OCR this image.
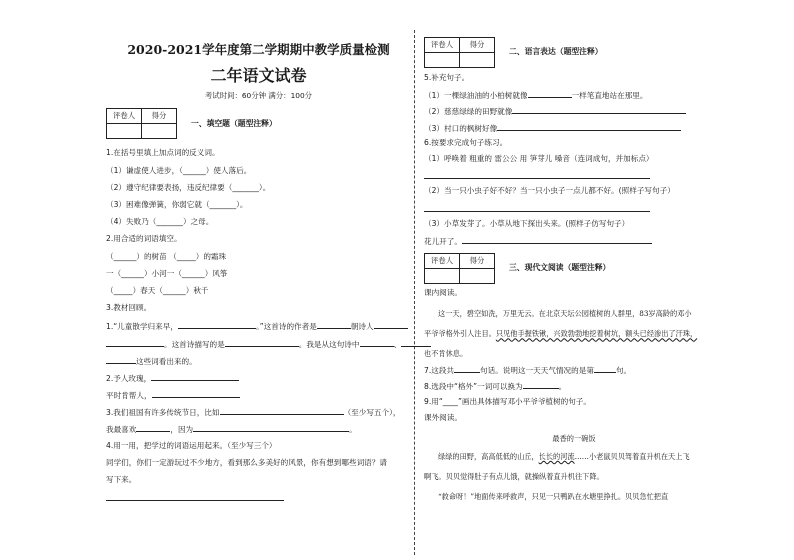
2020-2021学年度第二学期期中教学质量检测
二年语文试卷
考试时间：60分钟 满分：100分
评卷人	得分

一、填空题（题型注释）

1.在括号里填上加点词的反义词。

（1）谦虚使人进步，（______）使人落后。

（2）遵守纪律要表扬，违反纪律要（_______）。

（3）困难像弹簧，你弱它就（_______）。

（4）失败乃（_______）之母。

2.用合适的词语填空。

（______）的树苗 （_____）的霜珠

一（______）小河一（______）风筝

（_____）春天（______）秋千

3.教材回顾。

1.“儿童散学归来早，	。”这首诗的作者是	朝诗人

。这首诗描写的是	。我是从这句诗中	、

这些词看出来的。

2.予人玫瑰，

平时肯帮人，

3.我们祖国有许多传统节日，比如	（至少写五个），

我最喜欢	，因为	。

4.用一用，把学过的词语运用起来。（至少写三个）

同学们，你们一定游玩过不少地方，看到那么多美好的风景，你有想到哪些词语？请

写下来。

评卷人	得分

二、语言表达（题型注释）

5.补充句子。

（1）一棵绿油油的小柏树就像	一样笔直地站在那里。

（2）慈慈绿绿的田野就像

（3）村口的枫树好像

6.按要求完成句子练习。

（1）呼唤着 粗重的 雷公公 用 笋芽儿 嗓音（连词成句，并加标点）

（2）当一只小虫子好不好？当一只小虫子一点儿都不好。(照样子写句子）

（3）小草发芽了。小草从地下探出头来。(照样子仿写句子）

花儿开了。

评卷人	得分

三、现代文阅读（题型注释）

课内阅读。

这一天，碧空如洗，万里无云。在北京天坛公园植树的人群里，83岁高龄的邓小
平爷爷格外引人注目。只见他手握铁锹，兴致勃勃地挖着树坑，额头已经渗出了汗珠，
也不肯休息。

7.这段共	句话。说明这一天天气情况的是第	句。

8.选段中“格外”一词可以换为	。

9.用“____”画出具体描写邓小平爷爷植树的句子。

课外阅读。

最香的一碗饭
绿绿的田野，高高低低的山丘，长长的河流……小老鼠贝贝驾着直升机在天上飞
啊飞。贝贝觉得肚子有点儿饿，就操纵着直升机往下降。
“救命呀！”地面传来呼救声，只见一只鸭趴在水塘里挣扎。贝贝急忙把直
